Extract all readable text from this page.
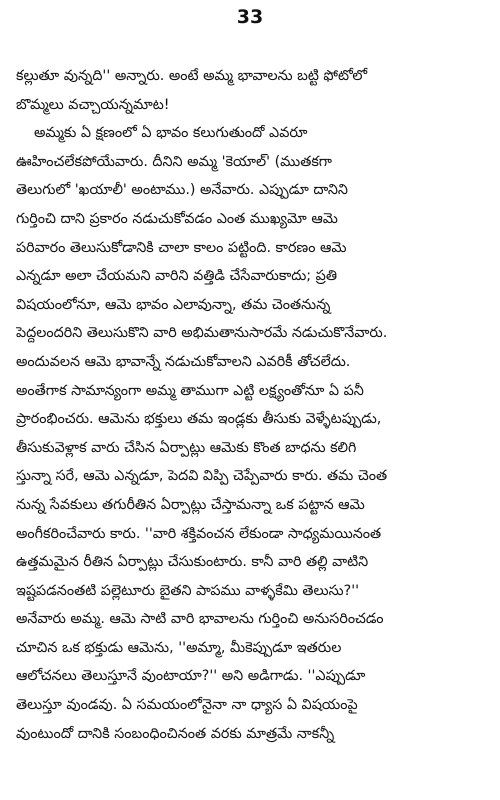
33
కల్లుతూ వున్నది'' అన్నారు. అంటే అమ్మ భావాలను బట్టి ఫోటోలో
బొమ్మలు వచ్చాయన్నమాట!
అమ్మకు ఏ క్షణంలో ఏ భావం కలుగుతుందో ఎవరూ
ఊహించలేకపోయేవారు. దీనిని అమ్మ 'కెయాల్' (ముతకగా
తెలుగులో 'ఖయాలీ' అంటాము.) అనేవారు. ఎప్పుడూ దానిని
గుర్తించి దాని ప్రకారం నడుచుకోవడం ఎంత ముఖ్యమో ఆమె
పరివారం తెలుసుకోడానికి చాలా కాలం పట్టింది. కారణం ఆమె
ఎన్నడూ అలా చేయమని వారిని వత్తిడి చేసేవారుకాదు; ప్రతి
విషయంలోనూ, ఆమె భావం ఎలావున్నా, తమ చెంతనున్న
పెద్దలందరిని తెలుసుకొని వారి అభిమతానుసారమే నడుచుకొనేవారు.
అందువలన ఆమె భావాన్నే నడుచుకోవాలని ఎవరికీ తోచలేదు.
అంతేగాక సామాన్యంగా అమ్మ తాముగా ఎట్టి లక్ష్యంతోనూ ఏ పనీ
ప్రారంభించరు. ఆమెను భక్తులు తమ ఇండ్లకు తీసుకు వెళ్ళేటప్పుడు,
తీసుకువెళ్లాక వారు చేసిన ఏర్పాట్లు ఆమెకు కొంత బాధను కలిగి
స్తున్నా సరే, ఆమె ఎన్నడూ, పెదవి విప్పి చెప్పేవారు కారు. తమ చెంత
నున్న సేవకులు తగురీతిన ఏర్పాట్లు చేస్తామన్నా ఒక పట్టాన ఆమె
అంగీకరించేవారు కారు. ''వారి శక్తివంచన లేకుండా సాధ్యమయినంత
ఉత్తమమైన రీతిన ఏర్పాట్లు చేసుకుంటారు. కానీ వారి తల్లి వాటిని
ఇష్టపడనంతటి పల్లెటూరు బైతని పాపము వాళ్ళకేమి తెలుసు?''
అనేవారు అమ్మ. ఆమె సాటి వారి భావాలను గుర్తించి అనుసరించడం
చూచిన ఒక భక్తుడు ఆమెను, ''అమ్మా, మీకెప్పుడూ ఇతరుల
ఆలోచనలు తెలుస్తూనే వుంటాయా?'' అని అడిగాడు. ''ఎప్పుడూ
తెలుస్తూ వుండవు. ఏ సమయంలోనైనా నా ధ్యాస ఏ విషయంపై
వుంటుందో దానికి సంబంధించినంత వరకు మాత్రమే నాకన్నీ
